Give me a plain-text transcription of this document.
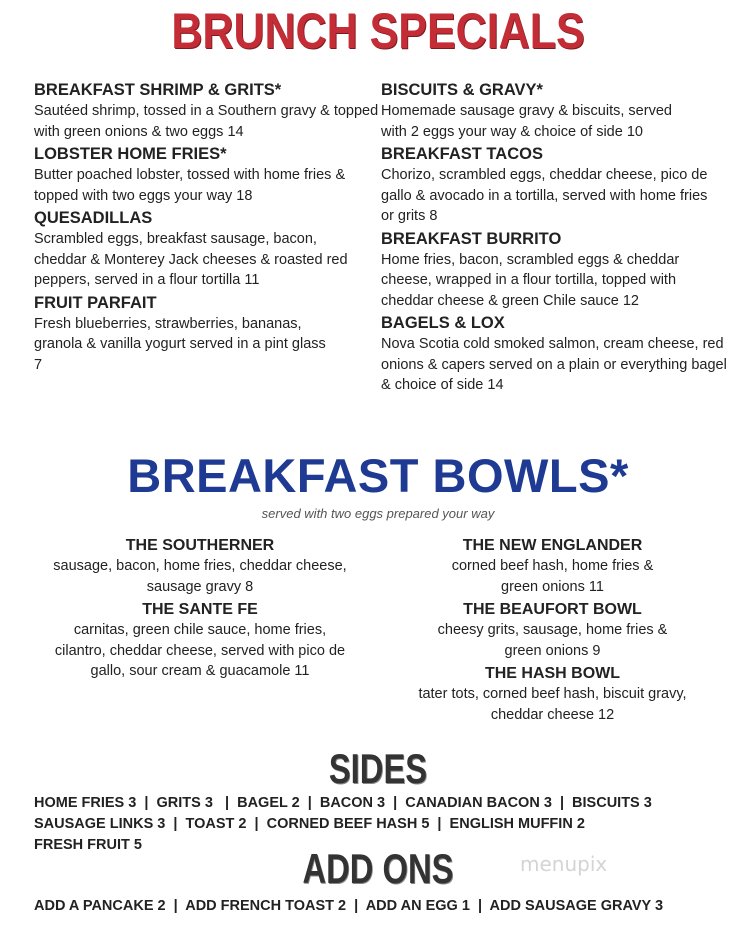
BRUNCH SPECIALS
BREAKFAST SHRIMP & GRITS*
Sautéed shrimp, tossed in a Southern gravy & topped with green onions & two eggs 14
LOBSTER HOME FRIES*
Butter poached lobster, tossed with home fries & topped with two eggs your way 18
QUESADILLAS
Scrambled eggs, breakfast sausage, bacon, cheddar & Monterey Jack cheeses & roasted red peppers, served in a flour tortilla 11
FRUIT PARFAIT
Fresh blueberries, strawberries, bananas, granola & vanilla yogurt served in a pint glass 7
BISCUITS & GRAVY*
Homemade sausage gravy & biscuits, served with 2 eggs your way & choice of side 10
BREAKFAST TACOS
Chorizo, scrambled eggs, cheddar cheese, pico de gallo & avocado in a tortilla, served with home fries or grits 8
BREAKFAST BURRITO
Home fries, bacon, scrambled eggs & cheddar cheese, wrapped in a flour tortilla, topped with cheddar cheese & green Chile sauce 12
BAGELS & LOX
Nova Scotia cold smoked salmon, cream cheese, red onions & capers served on a plain or everything bagel & choice of side 14
BREAKFAST BOWLS*
served with two eggs prepared your way
THE SOUTHERNER
sausage, bacon, home fries, cheddar cheese, sausage gravy 8
THE SANTE FE
carnitas, green chile sauce, home fries, cilantro, cheddar cheese, served with pico de gallo, sour cream & guacamole 11
THE NEW ENGLANDER
corned beef hash, home fries & green onions 11
THE BEAUFORT BOWL
cheesy grits, sausage, home fries & green onions 9
THE HASH BOWL
tater tots, corned beef hash, biscuit gravy, cheddar cheese 12
SIDES
HOME FRIES 3  |  GRITS 3   |  BAGEL 2  |  BACON 3  |  CANADIAN BACON 3  |  BISCUITS 3
SAUSAGE LINKS 3  |  TOAST 2  |  CORNED BEEF HASH 5  |  ENGLISH MUFFIN 2
FRESH FRUIT 5	ADD ONS	menupix
ADD A PANCAKE 2  |  ADD FRENCH TOAST 2  |  ADD AN EGG 1  |  ADD SAUSAGE GRAVY 3
